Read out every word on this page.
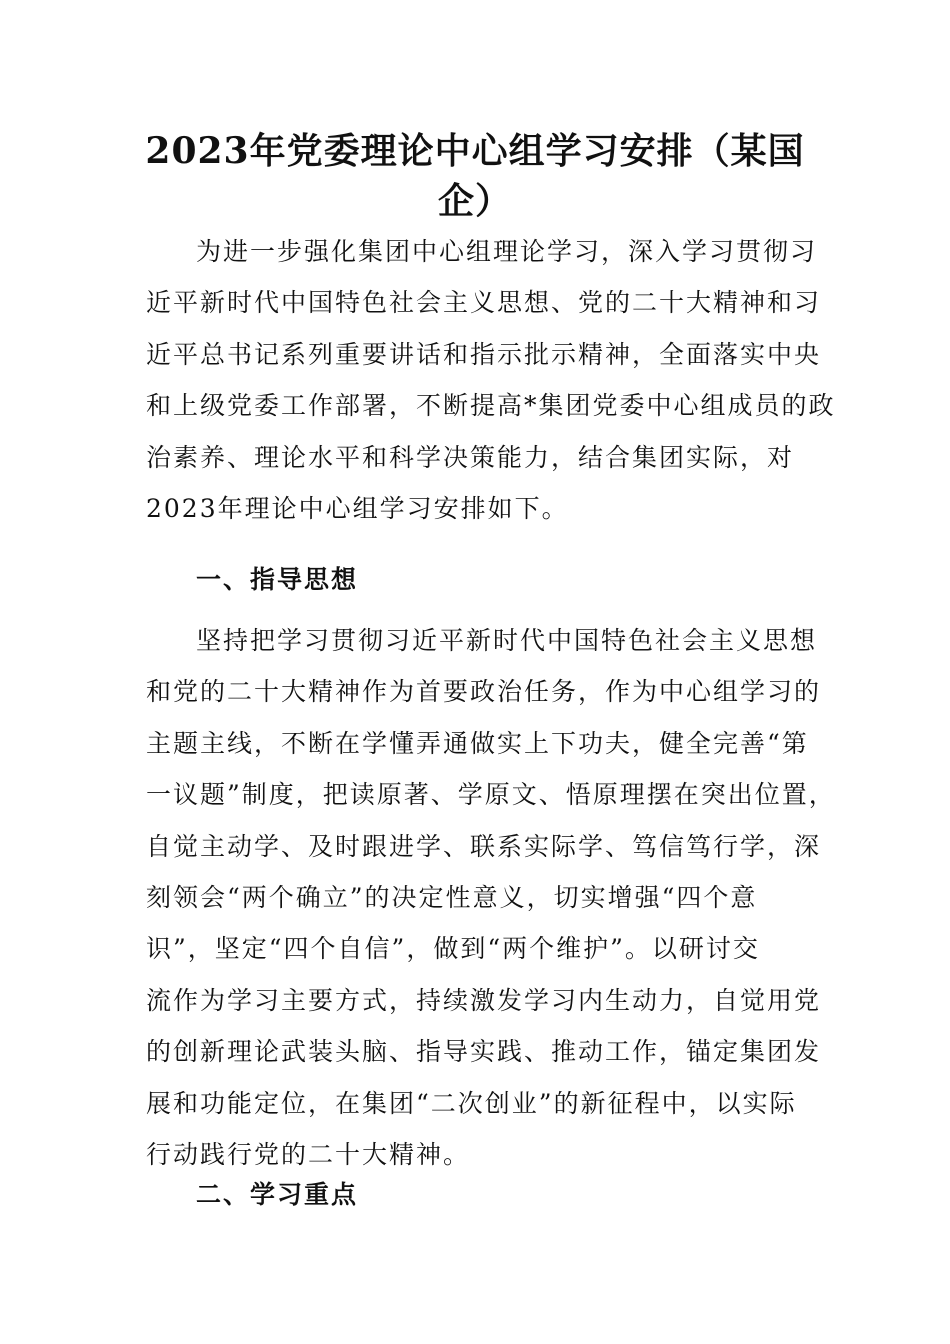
2023年党委理论中心组学习安排（某国
企）
为进一步强化集团中心组理论学习，深入学习贯彻习
近平新时代中国特色社会主义思想、党的二十大精神和习
近平总书记系列重要讲话和指示批示精神，全面落实中央
和上级党委工作部署，不断提高*集团党委中心组成员的政
治素养、理论水平和科学决策能力，结合集团实际，对
2023年理论中心组学习安排如下。
一、指导思想
坚持把学习贯彻习近平新时代中国特色社会主义思想
和党的二十大精神作为首要政治任务，作为中心组学习的
主题主线，不断在学懂弄通做实上下功夫，健全完善“第
一议题”制度，把读原著、学原文、悟原理摆在突出位置，
自觉主动学、及时跟进学、联系实际学、笃信笃行学，深
刻领会“两个确立”的决定性意义，切实增强“四个意
识”，坚定“四个自信”，做到“两个维护”。以研讨交
流作为学习主要方式，持续激发学习内生动力，自觉用党
的创新理论武装头脑、指导实践、推动工作，锚定集团发
展和功能定位，在集团“二次创业”的新征程中，以实际
行动践行党的二十大精神。
二、学习重点
